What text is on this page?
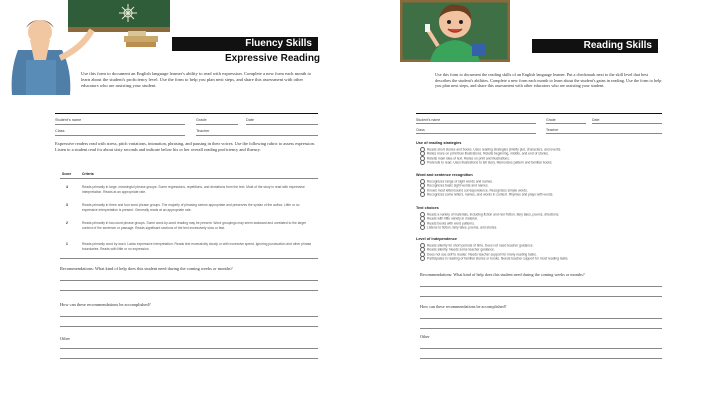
Fluency Skills
Expressive Reading
Use this form to document an English language learner's ability to read with expression. Complete a new form each month to learn about the student's proficiency level. Use the form to help you plan next steps, and share this assessment with other educators who are assisting your student.
Student's name	Grade	Date
Class	Teacher
Expressive readers read with stress, pitch variations, intonation, phrasing, and pausing in their voices. Use the following rubric to assess expression. Listen to a student read for about sixty seconds and indicate below his or her overall reading proficiency and fluency.
Score	Criteria
4	Reads primarily in large, meaningful phrase groups. Some regressions, repetitions, and deviations from the text. Most of the story is read with expressive interpretation. Reads at an appropriate rate.
3	Reads primarily in three and four word phrase groups. The majority of phrasing seems appropriate and preserves the syntax of the author. Little or no expressive interpretation is present. Generally reads at an appropriate rate.
2	Reads primarily in two-word phrase groups. Some word-by-word reading may be present. Word groupings may seem awkward and unrelated to the larger context of the sentence or passage. Reads significant sections of the text excessively slow or fast.
1	Reads primarily word by word. Lacks expressive interpretation. Reads text excessively slowly or with excessive speed, ignoring punctuation and other phrase boundaries. Reads with little or no expression.
Recommendations: What kind of help does this student need during the coming weeks or months?
How can these recommendations be accomplished?
Other
Reading Skills
Use this form to document the reading skills of an English language learner. Put a checkmark next to the skill level that best describes the student's abilities. Complete a new form each month to learn about the student's gains in reading. Use the form to help you plan next steps, and share this assessment with other educators who are assisting your student.
Student's name	Grade	Date
Class	Teacher
Use of reading strategies
Reads short stories and books. Uses reading strategies (briefly plot, characters, and events.
Relies more on print than illustrations. Retells beginning, middle, and end of stories.
Retells main idea of text. Relies on print and illustrations.
Pretends to read. Uses illustrations to tell story. Memorizes pattern and familiar books.
Word and sentence recognition
Recognizes range of sight words and names.
Recognizes basic sight words and names.
Knows most letter/sound correspondence. Recognizes simple words.
Recognizes some letters, names, and words in context. Rhymes and plays with words.
Text choices
Reads a variety of materials, including fiction and non-fiction, fairy tales, poems, directions.
Reads with little variety in material.
Reads books with word patterns.
Listens to fiction, fairy tales, poems, and stories.
Level of independence
Reads silently for short periods of time. Does not need teacher guidance.
Reads silently. Needs some teacher guidance.
Does not use self to reader. Needs teacher support for many reading tasks.
Participates in reading of familiar stories or books. Needs teacher support for most reading tasks.
Recommendations: What kind of help does this student need during the coming weeks or months?
How can these recommendations be accomplished?
Other
